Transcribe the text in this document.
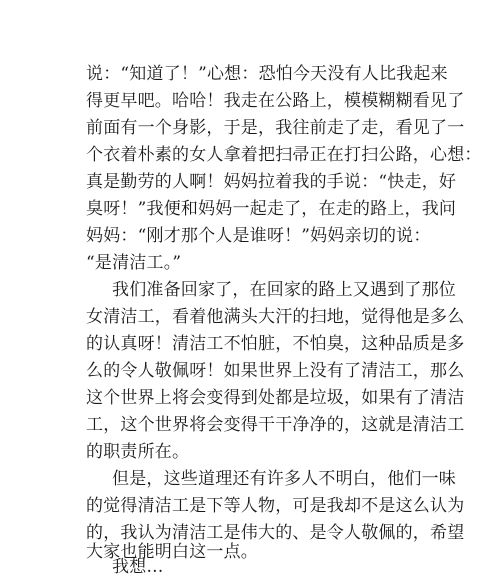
说：“知道了！”心想：恐怕今天没有人比我起来

得更早吧。哈哈！我走在公路上，模模糊糊看见了

前面有一个身影，于是，我往前走了走，看见了一

个衣着朴素的女人拿着把扫帚正在打扫公路，心想：

真是勤劳的人啊！妈妈拉着我的手说：“快走，好

臭呀！”我便和妈妈一起走了，在走的路上，我问

妈妈：“刚才那个人是谁呀！”妈妈亲切的说：

“是清洁工。”

我们准备回家了，在回家的路上又遇到了那位

女清洁工，看着他满头大汗的扫地，觉得他是多么

的认真呀！清洁工不怕脏，不怕臭，这种品质是多

么的令人敬佩呀！如果世界上没有了清洁工，那么

这个世界上将会变得到处都是垃圾，如果有了清洁

工，这个世界将会变得干干净净的，这就是清洁工

的职责所在。

但是，这些道理还有许多人不明白，他们一味

的觉得清洁工是下等人物，可是我却不是这么认为

的，我认为清洁工是伟大的、是令人敬佩的，希望

大家也能明白这一点。

我想…
